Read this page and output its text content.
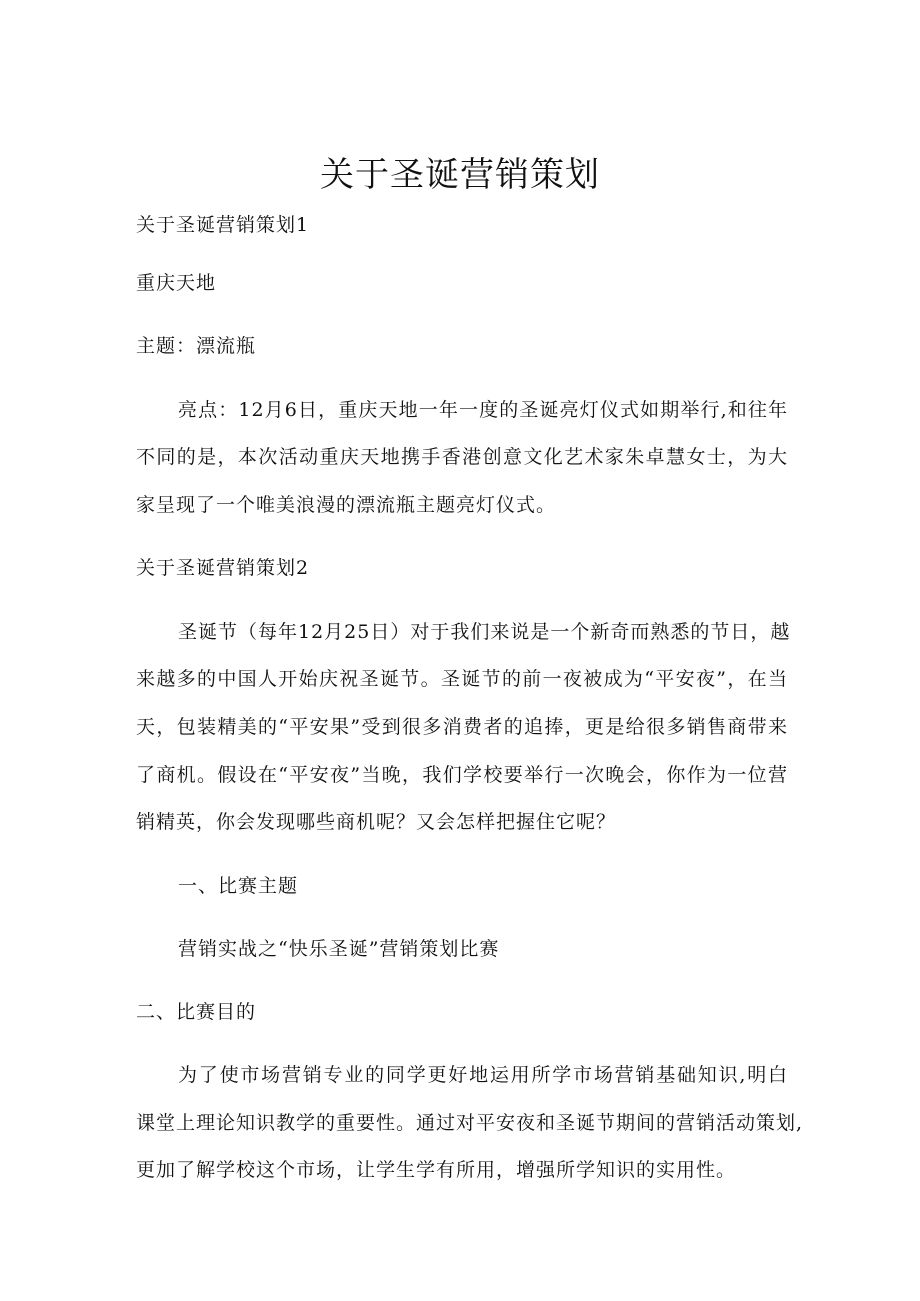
关于圣诞营销策划
关于圣诞营销策划1
重庆天地
主题：漂流瓶
亮点：12月6日，重庆天地一年一度的圣诞亮灯仪式如期举行,和往年
不同的是，本次活动重庆天地携手香港创意文化艺术家朱卓慧女士，为大
家呈现了一个唯美浪漫的漂流瓶主题亮灯仪式。
关于圣诞营销策划2
圣诞节（每年12月25日）对于我们来说是一个新奇而熟悉的节日，越
来越多的中国人开始庆祝圣诞节。圣诞节的前一夜被成为“平安夜”，在当
天，包装精美的“平安果”受到很多消费者的追捧，更是给很多销售商带来
了商机。假设在“平安夜”当晚，我们学校要举行一次晚会，你作为一位营
销精英，你会发现哪些商机呢？又会怎样把握住它呢？
一、比赛主题
营销实战之“快乐圣诞”营销策划比赛
二、比赛目的
为了使市场营销专业的同学更好地运用所学市场营销基础知识,明白
课堂上理论知识教学的重要性。通过对平安夜和圣诞节期间的营销活动策划,
更加了解学校这个市场，让学生学有所用，增强所学知识的实用性。
